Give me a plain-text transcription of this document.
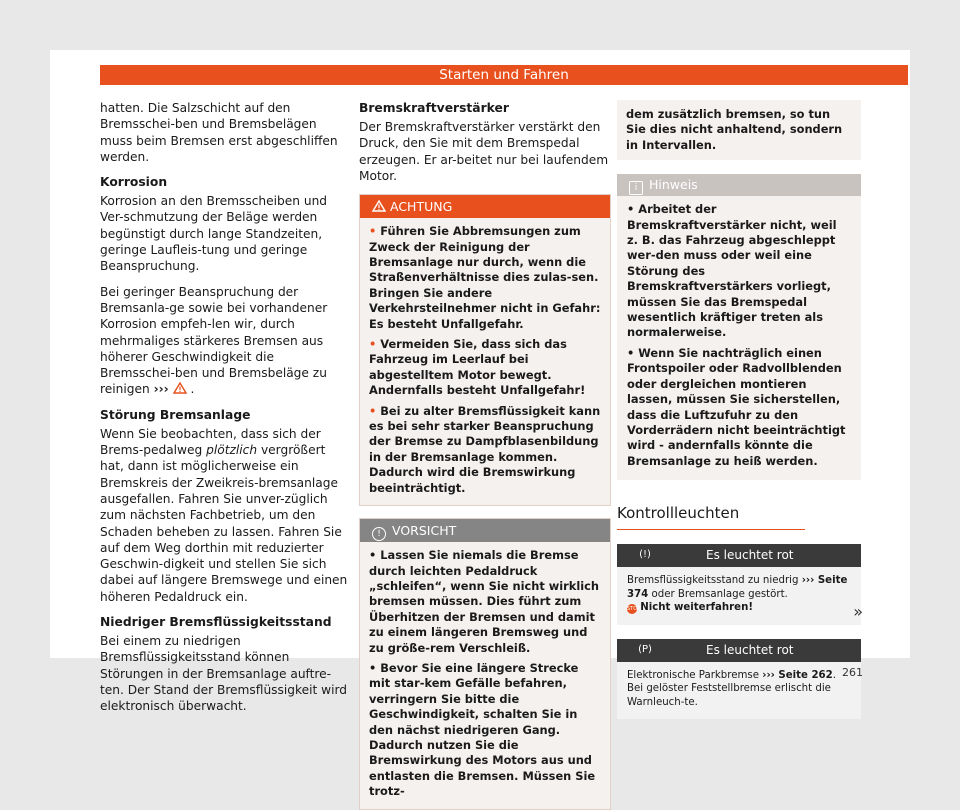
Starten und Fahren

hatten. Die Salzschicht auf den Bremsschei-ben und Bremsbelägen muss beim Bremsen erst abgeschliffen werden.

Korrosion

Korrosion an den Bremsscheiben und Ver-schmutzung der Beläge werden begünstigt durch lange Standzeiten, geringe Laufleis-tung und geringe Beanspruchung.

Bei geringer Beanspruchung der Bremsanla-ge sowie bei vorhandener Korrosion empfeh-len wir, durch mehrmaliges stärkeres Bremsen aus höherer Geschwindigkeit die Bremsschei-ben und Bremsbeläge zu reinigen ››› .

Störung Bremsanlage

Wenn Sie beobachten, dass sich der Brems-pedalweg plötzlich vergrößert hat, dann ist möglicherweise ein Bremskreis der Zweikreis-bremsanlage ausgefallen. Fahren Sie unver-züglich zum nächsten Fachbetrieb, um den Schaden beheben zu lassen. Fahren Sie auf dem Weg dorthin mit reduzierter Geschwin-digkeit und stellen Sie sich dabei auf längere Bremswege und einen höheren Pedaldruck ein.

Niedriger Bremsflüssigkeitsstand

Bei einem zu niedrigen Bremsflüssigkeitsstand können Störungen in der Bremsanlage auftre-ten. Der Stand der Bremsflüssigkeit wird elektronisch überwacht.

Bremskraftverstärker

Der Bremskraftverstärker verstärkt den Druck, den Sie mit dem Bremspedal erzeugen. Er ar-beitet nur bei laufendem Motor.

ACHTUNG
• Führen Sie Abbremsungen zum Zweck der Reinigung der Bremsanlage nur durch, wenn die Straßenverhältnisse dies zulas-sen. Bringen Sie andere Verkehrsteilnehmer nicht in Gefahr: Es besteht Unfallgefahr.
• Vermeiden Sie, dass sich das Fahrzeug im Leerlauf bei abgestelltem Motor bewegt. Andernfalls besteht Unfallgefahr!
• Bei zu alter Bremsflüssigkeit kann es bei sehr starker Beanspruchung der Bremse zu Dampfblasenbildung in der Bremsanlage kommen. Dadurch wird die Bremswirkung beeinträchtigt.
! VORSICHT
• Lassen Sie niemals die Bremse durch leichten Pedaldruck „schleifen“, wenn Sie nicht wirklich bremsen müssen. Dies führt zum Überhitzen der Bremsen und damit zu einem längeren Bremsweg und zu größe-rem Verschleiß.
• Bevor Sie eine längere Strecke mit star-kem Gefälle befahren, verringern Sie bitte die Geschwindigkeit, schalten Sie in den nächst niedrigeren Gang. Dadurch nutzen Sie die Bremswirkung des Motors aus und entlasten die Bremsen. Müssen Sie trotz-
dem zusätzlich bremsen, so tun Sie dies nicht anhaltend, sondern in Intervallen.
i Hinweis
• Arbeitet der Bremskraftverstärker nicht, weil z. B. das Fahrzeug abgeschleppt wer-den muss oder weil eine Störung des Bremskraftverstärkers vorliegt, müssen Sie das Bremspedal wesentlich kräftiger treten als normalerweise.
• Wenn Sie nachträglich einen Frontspoiler oder Radvollblenden oder dergleichen montieren lassen, müssen Sie sicherstellen, dass die Luftzufuhr zu den Vorderrädern nicht beeinträchtigt wird - andernfalls könnte die Bremsanlage zu heiß werden.
Kontrollleuchten
(!)	Es leuchtet rot
Bremsflüssigkeitsstand zu niedrig ››› Seite 374 oder Bremsanlage gestört.
STOP Nicht weiterfahren!
(P)	Es leuchtet rot
Elektronische Parkbremse ››› Seite 262.
Bei gelöster Feststellbremse erlischt die Warnleuch-te.
»
261
